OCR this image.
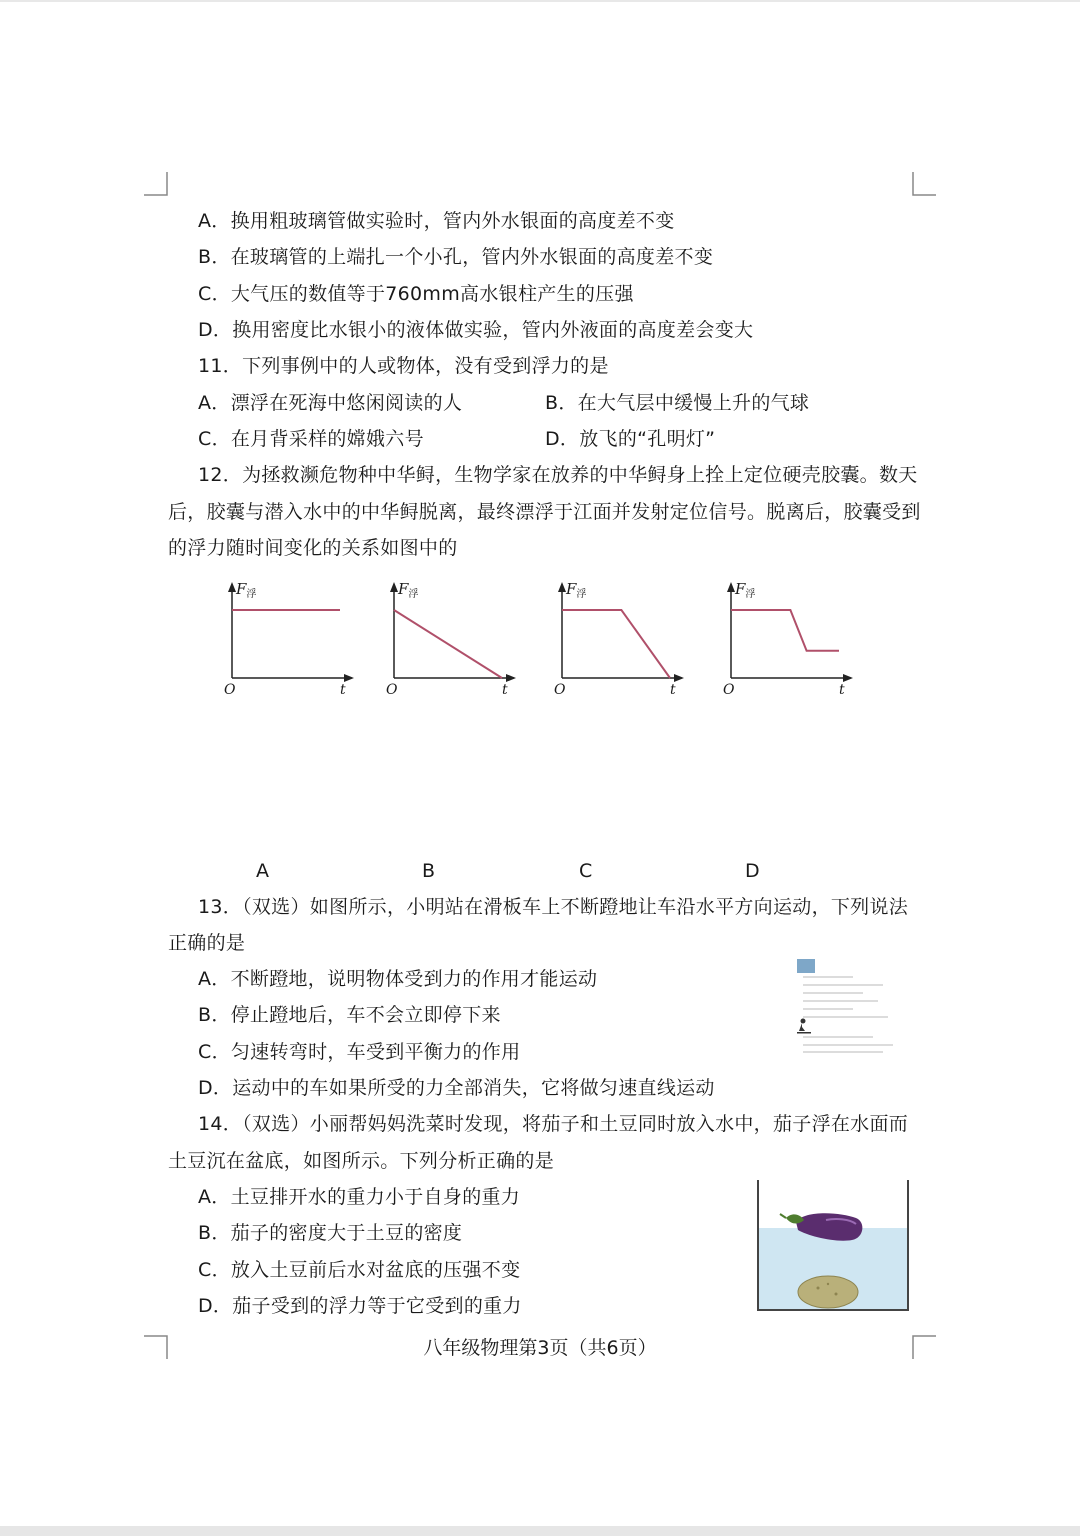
A．换用粗玻璃管做实验时，管内外水银面的高度差不变
B．在玻璃管的上端扎一个小孔，管内外水银面的高度差不变
C．大气压的数值等于760mm高水银柱产生的压强
D．换用密度比水银小的液体做实验，管内外液面的高度差会变大
11．下列事例中的人或物体，没有受到浮力的是
A．漂浮在死海中悠闲阅读的人	B．在大气层中缓慢上升的气球
C．在月背采样的嫦娥六号	D．放飞的“孔明灯”
12．为拯救濒危物种中华鲟，生物学家在放养的中华鲟身上拴上定位硬壳胶囊。数天
后，胶囊与潜入水中的中华鲟脱离，最终漂浮于江面并发射定位信号。脱离后，胶囊受到
的浮力随时间变化的关系如图中的
$F_浮$
O	t
$F_浮$
O	t
$F_浮$
O	t
$F_浮$
O	t
A	B	C	D
13．（双选）如图所示，小明站在滑板车上不断蹬地让车沿水平方向运动，下列说法
正确的是
A．不断蹬地，说明物体受到力的作用才能运动
B．停止蹬地后，车不会立即停下来
C．匀速转弯时，车受到平衡力的作用
D．运动中的车如果所受的力全部消失，它将做匀速直线运动
14．（双选）小丽帮妈妈洗菜时发现，将茄子和土豆同时放入水中，茄子浮在水面而
土豆沉在盆底，如图所示。下列分析正确的是
A．土豆排开水的重力小于自身的重力
B．茄子的密度大于土豆的密度
C．放入土豆前后水对盆底的压强不变
D．茄子受到的浮力等于它受到的重力
八年级物理第3页（共6页）
